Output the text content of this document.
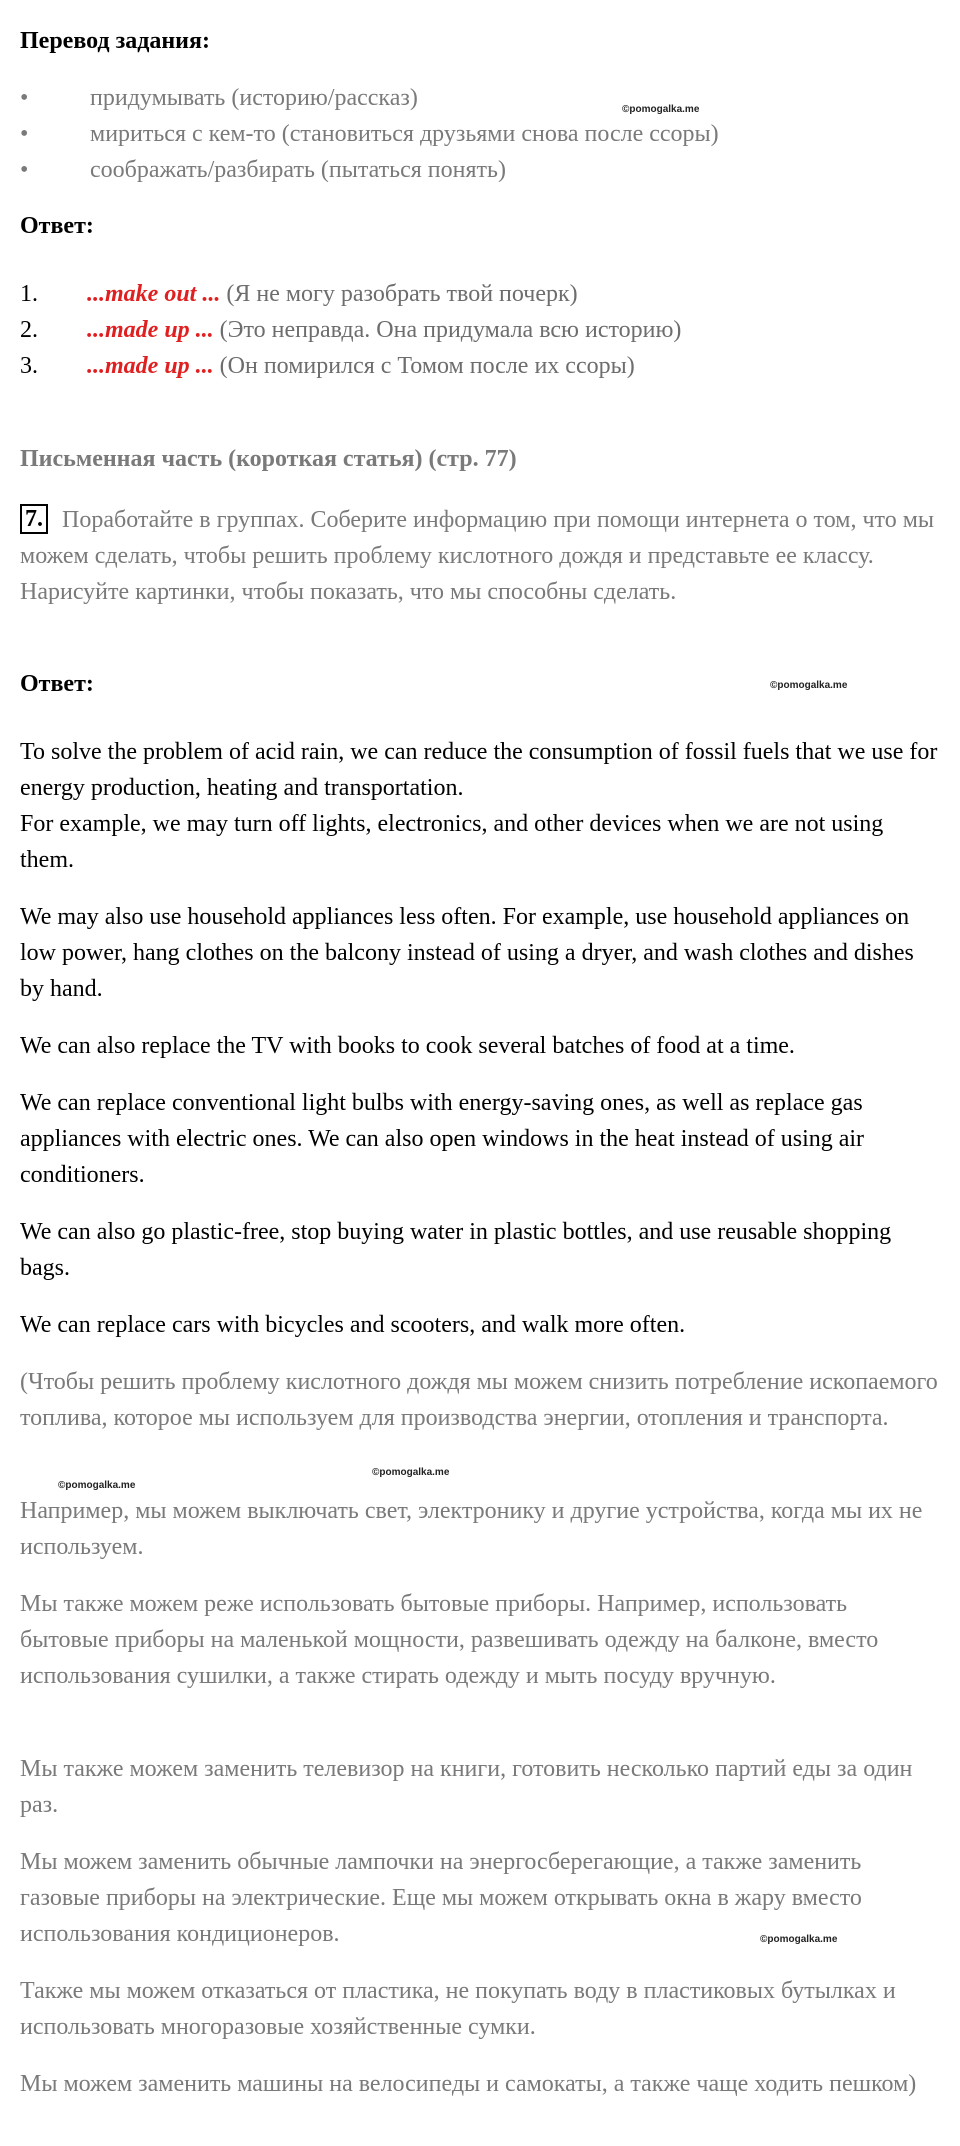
Перевод задания:
• придумывать (историю/рассказ)
• мириться с кем-то (становиться друзьями снова после ссоры)
• соображать/разбирать (пытаться понять)
Ответ:
1. ...make out ... (Я не могу разобрать твой почерк)
2. ...made up ... (Это неправда. Она придумала всю историю)
3. ...made up ... (Он помирился с Томом после их ссоры)
Письменная часть (короткая статья) (стр. 77)
7. Поработайте в группах. Соберите информацию при помощи интернета о том, что мы можем сделать, чтобы решить проблему кислотного дождя и представьте ее классу. Нарисуйте картинки, чтобы показать, что мы способны сделать.
Ответ:
To solve the problem of acid rain, we can reduce the consumption of fossil fuels that we use for energy production, heating and transportation.
For example, we may turn off lights, electronics, and other devices when we are not using them.
We may also use household appliances less often. For example, use household appliances on low power, hang clothes on the balcony instead of using a dryer, and wash clothes and dishes by hand.
We can also replace the TV with books to cook several batches of food at a time.
We can replace conventional light bulbs with energy-saving ones, as well as replace gas appliances with electric ones. We can also open windows in the heat instead of using air conditioners.
We can also go plastic-free, stop buying water in plastic bottles, and use reusable shopping bags.
We can replace cars with bicycles and scooters, and walk more often.
(Чтобы решить проблему кислотного дождя мы можем снизить потребление ископаемого топлива, которое мы используем для производства энергии, отопления и транспорта.
Например, мы можем выключать свет, электронику и другие устройства, когда мы их не используем.
Мы также можем реже использовать бытовые приборы. Например, использовать бытовые приборы на маленькой мощности, развешивать одежду на балконе, вместо использования сушилки, а также стирать одежду и мыть посуду вручную.
Мы также можем заменить телевизор на книги, готовить несколько партий еды за один раз.
Мы можем заменить обычные лампочки на энергосберегающие, а также заменить газовые приборы на электрические. Еще мы можем открывать окна в жару вместо использования кондиционеров.
Также мы можем отказаться от пластика, не покупать воду в пластиковых бутылках и использовать многоразовые хозяйственные сумки.
Мы можем заменить машины на велосипеды и самокаты, а также чаще ходить пешком)
©pomogalka.me
©pomogalka.me
©pomogalka.me
©pomogalka.me
©pomogalka.me
